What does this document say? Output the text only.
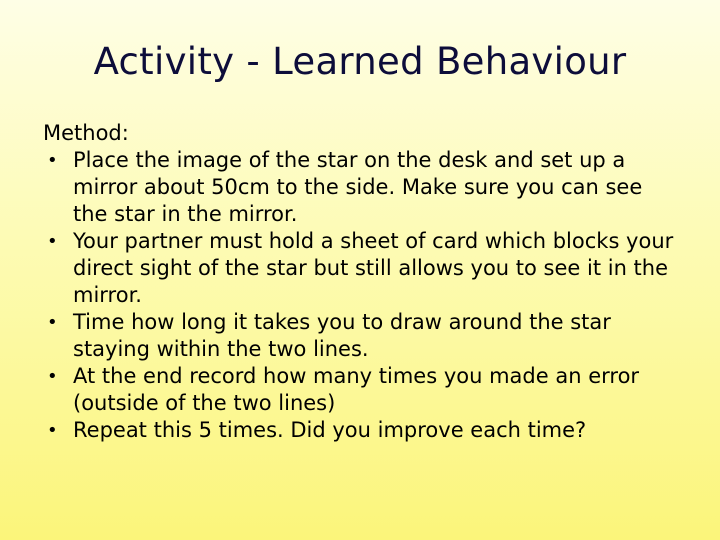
Activity - Learned Behaviour
Method:
• Place the image of the star on the desk and set up a mirror about 50cm to the side. Make sure you can see the star in the mirror.
• Your partner must hold a sheet of card which blocks your direct sight of the star but still allows you to see it in the mirror.
• Time how long it takes you to draw around the star staying within the two lines.
• At the end record how many times you made an error (outside of the two lines)
• Repeat this 5 times. Did you improve each time?
